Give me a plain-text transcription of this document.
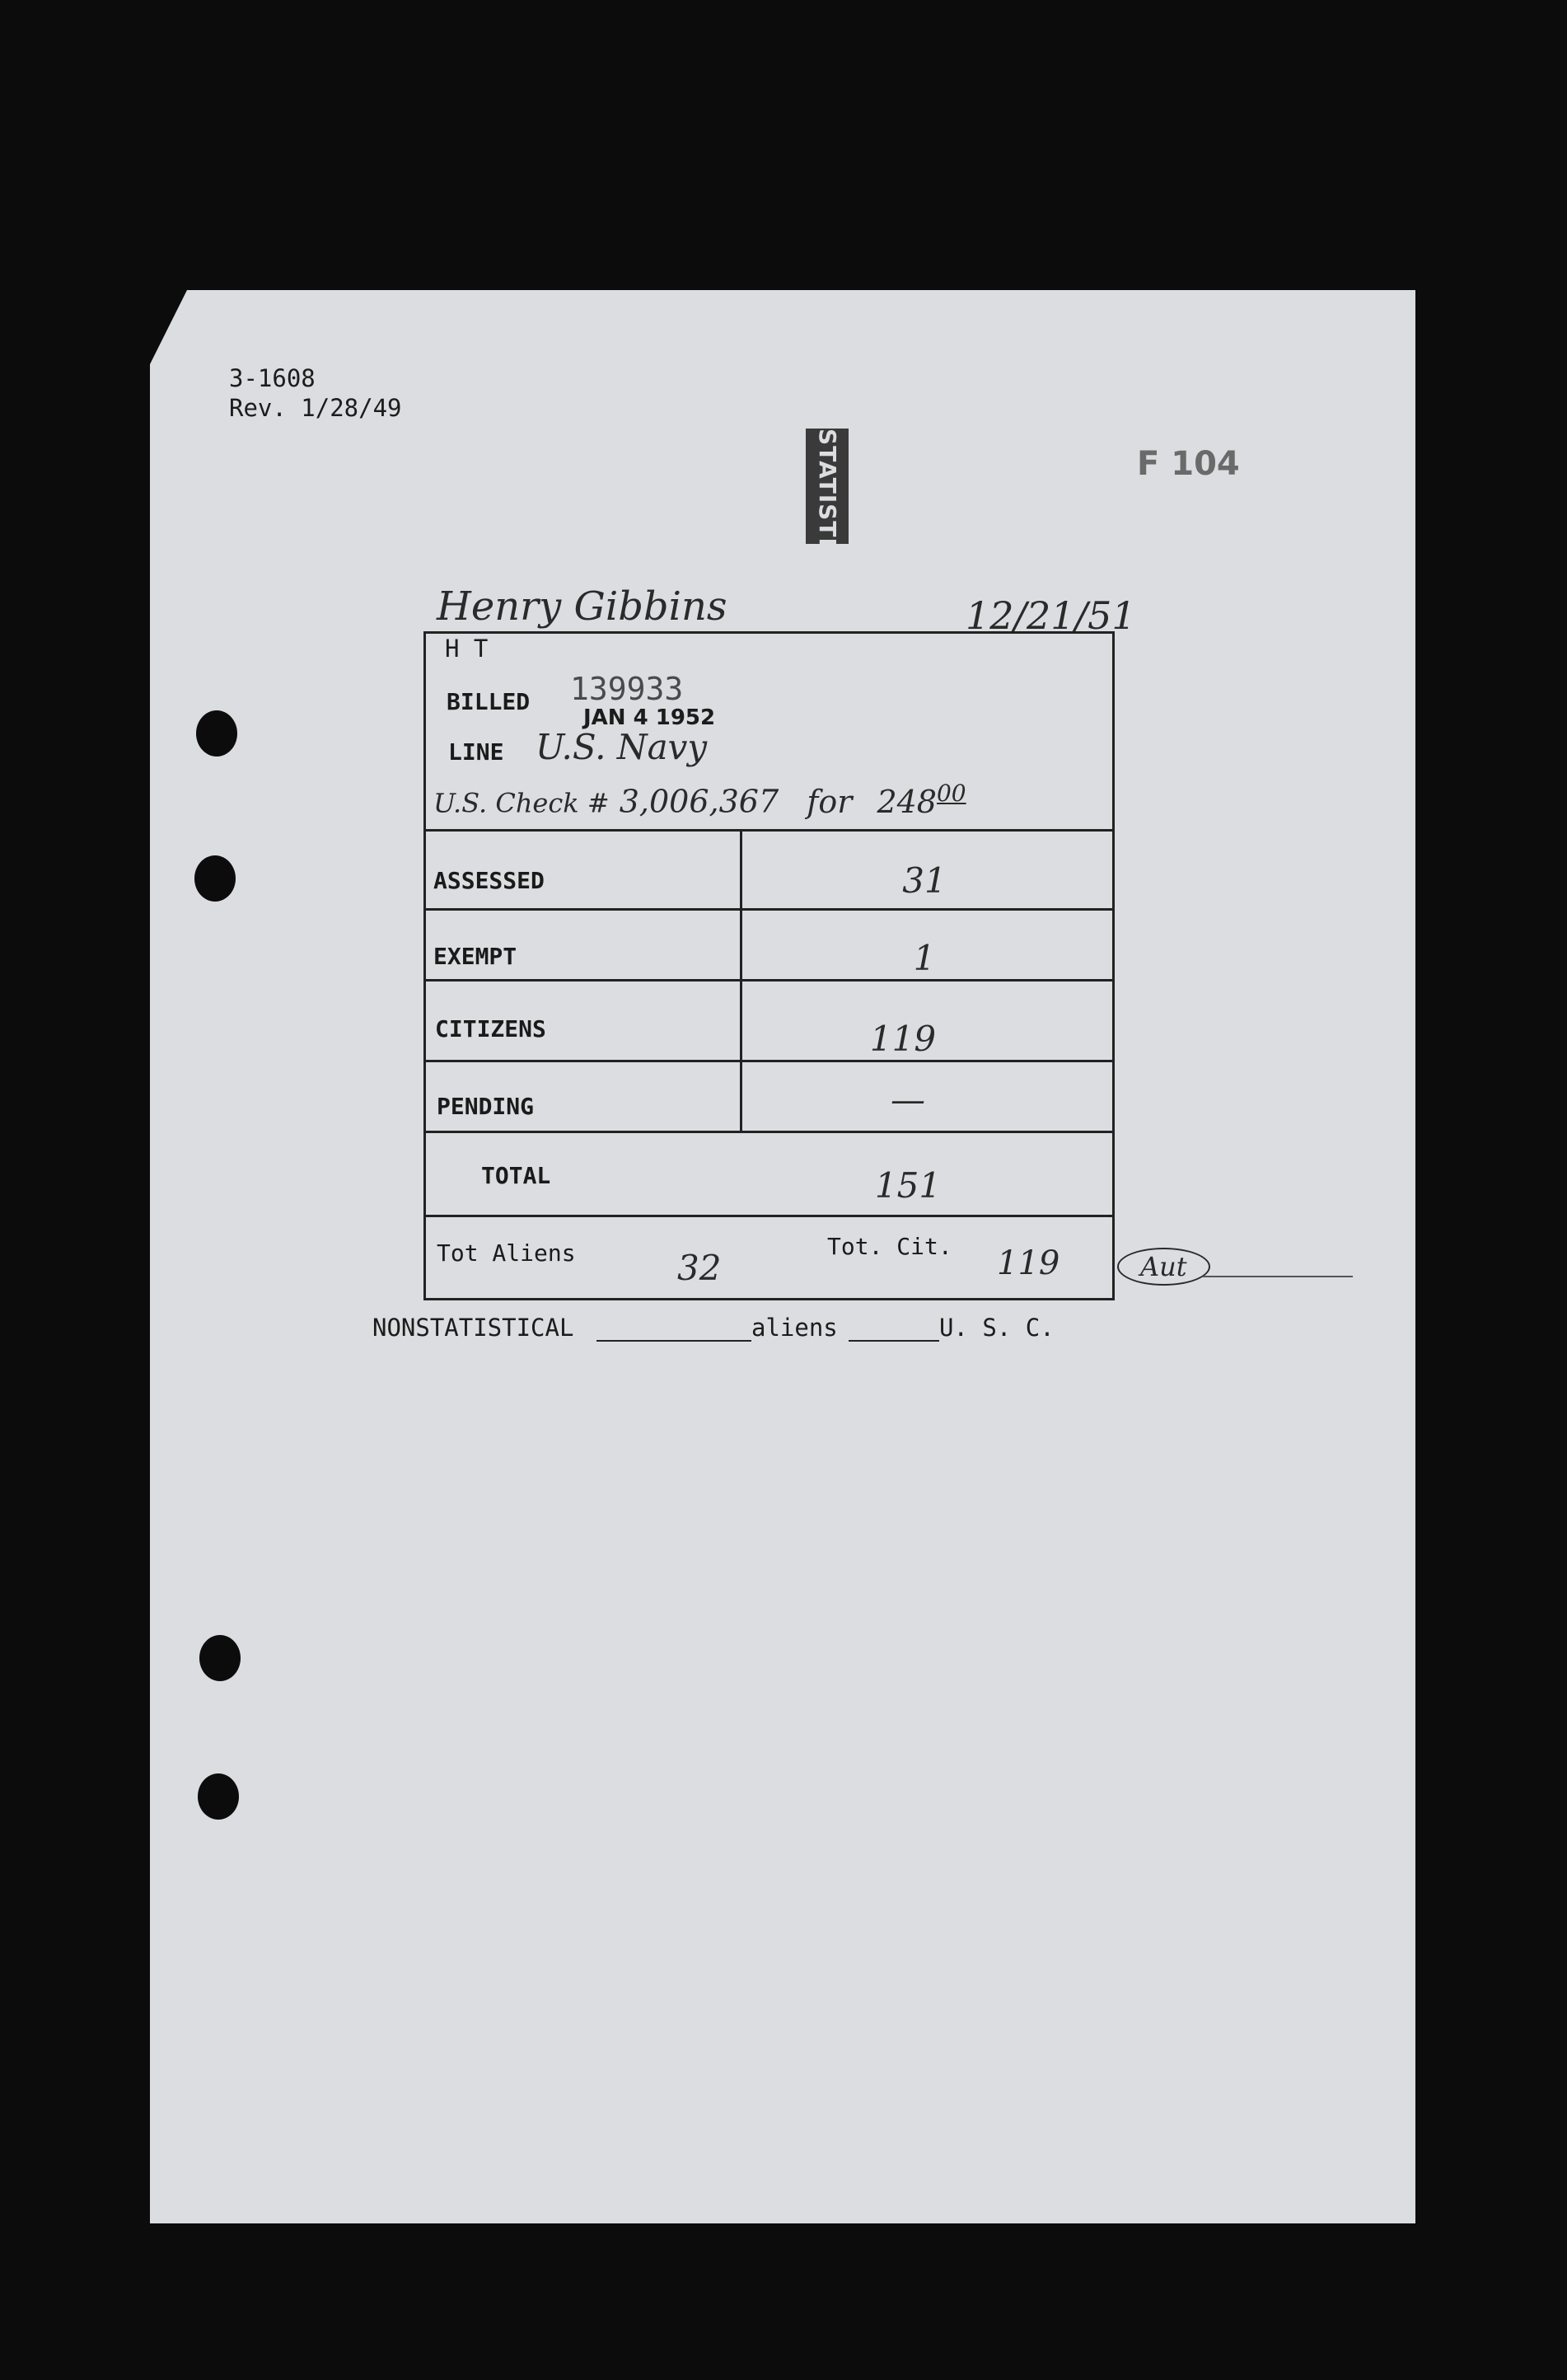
3-1608
Rev. 1/28/49
STATISTICS	F 104
Henry Gibbins	12/21/51
H T
BILLED 139933
JAN 4 1952
LINE U.S. Navy
U.S. Check # 3,006,367 for $248^{00}$
ASSESSED	31
EXEMPT	1
CITIZENS	119
PENDING	—
TOTAL	151
Tot Aliens	32
Tot. Cit. 119	Aut
NONSTATISTICAL	aliens	U. S. C.
